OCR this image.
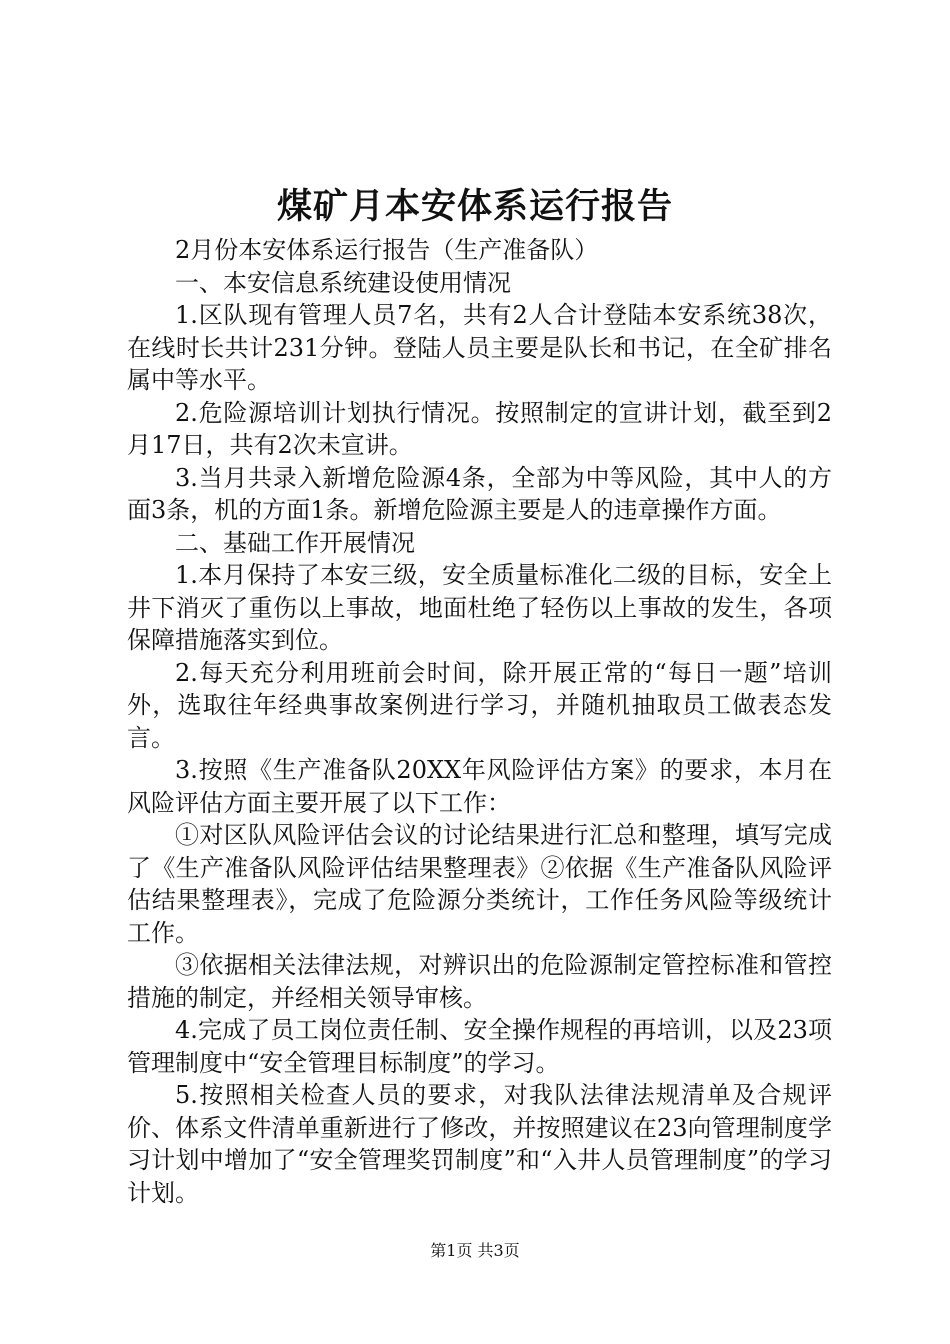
煤矿月本安体系运行报告

2月份本安体系运行报告（生产准备队）

一、本安信息系统建设使用情况

1.区队现有管理人员7名，共有2人合计登陆本安系统38次，在线时长共计231分钟。登陆人员主要是队长和书记，在全矿排名属中等水平。

2.危险源培训计划执行情况。按照制定的宣讲计划，截至到2月17日，共有2次未宣讲。

3.当月共录入新增危险源4条，全部为中等风险，其中人的方面3条，机的方面1条。新增危险源主要是人的违章操作方面。

二、基础工作开展情况

1.本月保持了本安三级，安全质量标准化二级的目标，安全上井下消灭了重伤以上事故，地面杜绝了轻伤以上事故的发生，各项保障措施落实到位。

2.每天充分利用班前会时间，除开展正常的“每日一题”培训外，选取往年经典事故案例进行学习，并随机抽取员工做表态发言。

3.按照《生产准备队20XX年风险评估方案》的要求，本月在风险评估方面主要开展了以下工作：

①对区队风险评估会议的讨论结果进行汇总和整理，填写完成了《生产准备队风险评估结果整理表》②依据《生产准备队风险评估结果整理表》，完成了危险源分类统计，工作任务风险等级统计工作。

③依据相关法律法规，对辨识出的危险源制定管控标准和管控措施的制定，并经相关领导审核。

4.完成了员工岗位责任制、安全操作规程的再培训，以及23项管理制度中“安全管理目标制度”的学习。

5.按照相关检查人员的要求，对我队法律法规清单及合规评价、体系文件清单重新进行了修改，并按照建议在23向管理制度学习计划中增加了“安全管理奖罚制度”和“入井人员管理制度”的学习计划。

第1页 共3页
